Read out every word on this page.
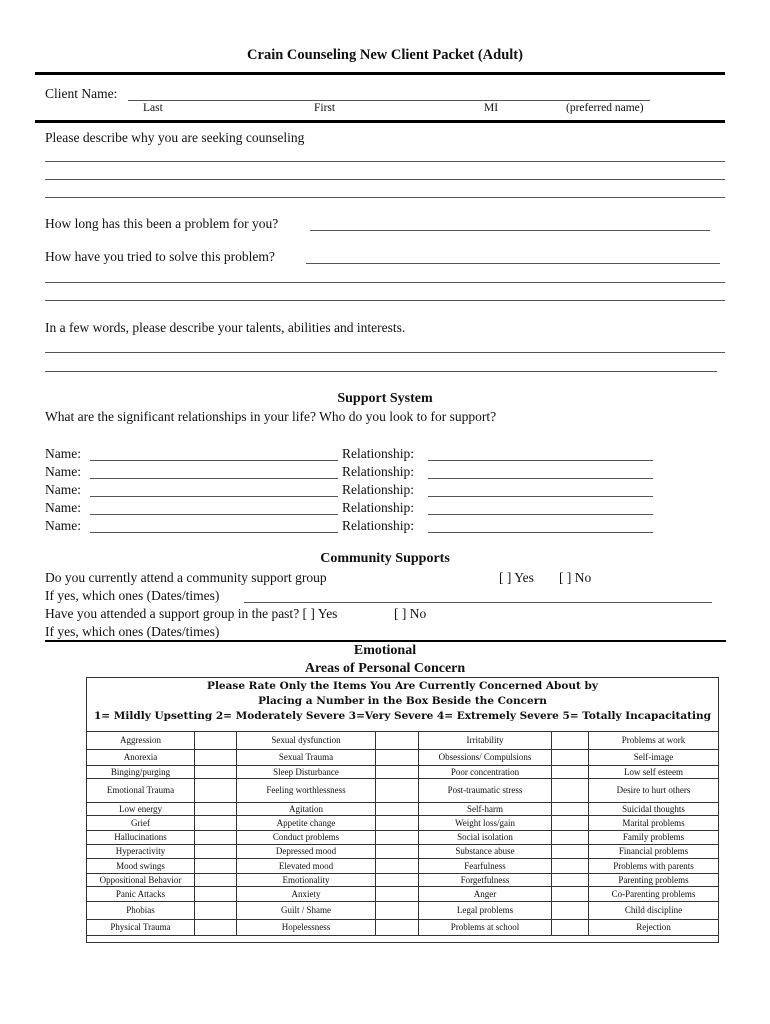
Crain Counseling New Client Packet (Adult)
Client Name:
Last	First	MI	(preferred name)
Please describe why you are seeking counseling
How long has this been a problem for you?
How have you tried to solve this problem?
In a few words, please describe your talents, abilities and interests.
Support System
What are the significant relationships in your life? Who do you look to for support?
Name:	Relationship:
Name:	Relationship:
Name:	Relationship:
Name:	Relationship:
Name:	Relationship:
Community Supports
Do you currently attend a community support group	[ ] Yes [ ] No
If yes, which ones (Dates/times)
Have you attended a support group in the past? [ ] Yes	[ ] No
If yes, which ones (Dates/times)
Emotional
Areas of Personal Concern
Please Rate Only the Items You Are Currently Concerned About by
Placing a Number in the Box Beside the Concern
1= Mildly Upsetting 2= Moderately Severe 3=Very Severe 4= Extremely Severe 5= Totally Incapacitating
Aggression		Sexual dysfunction		Irritability		Problems at work
Anorexia		Sexual Trauma		Obsessions/ Compulsions		Self-image
Binging/purging		Sleep Disturbance		Poor concentration		Low self esteem
Emotional Trauma		Feeling worthlessness		Post-traumatic stress		Desire to hurt others
Low energy		Agitation		Self-harm		Suicidal thoughts
Grief		Appetite change		Weight loss/gain		Marital problems
Hallucinations		Conduct problems		Social isolation		Family problems
Hyperactivity		Depressed mood		Substance abuse		Financial problems
Mood swings		Elevated mood		Fearfulness		Problems with parents
Oppositional Behavior		Emotionality		Forgetfulness		Parenting problems
Panic Attacks		Anxiety		Anger		Co-Parenting problems
Phobias		Guilt / Shame		Legal problems		Child discipline
Physical Trauma		Hopelessness		Problems at school		Rejection
